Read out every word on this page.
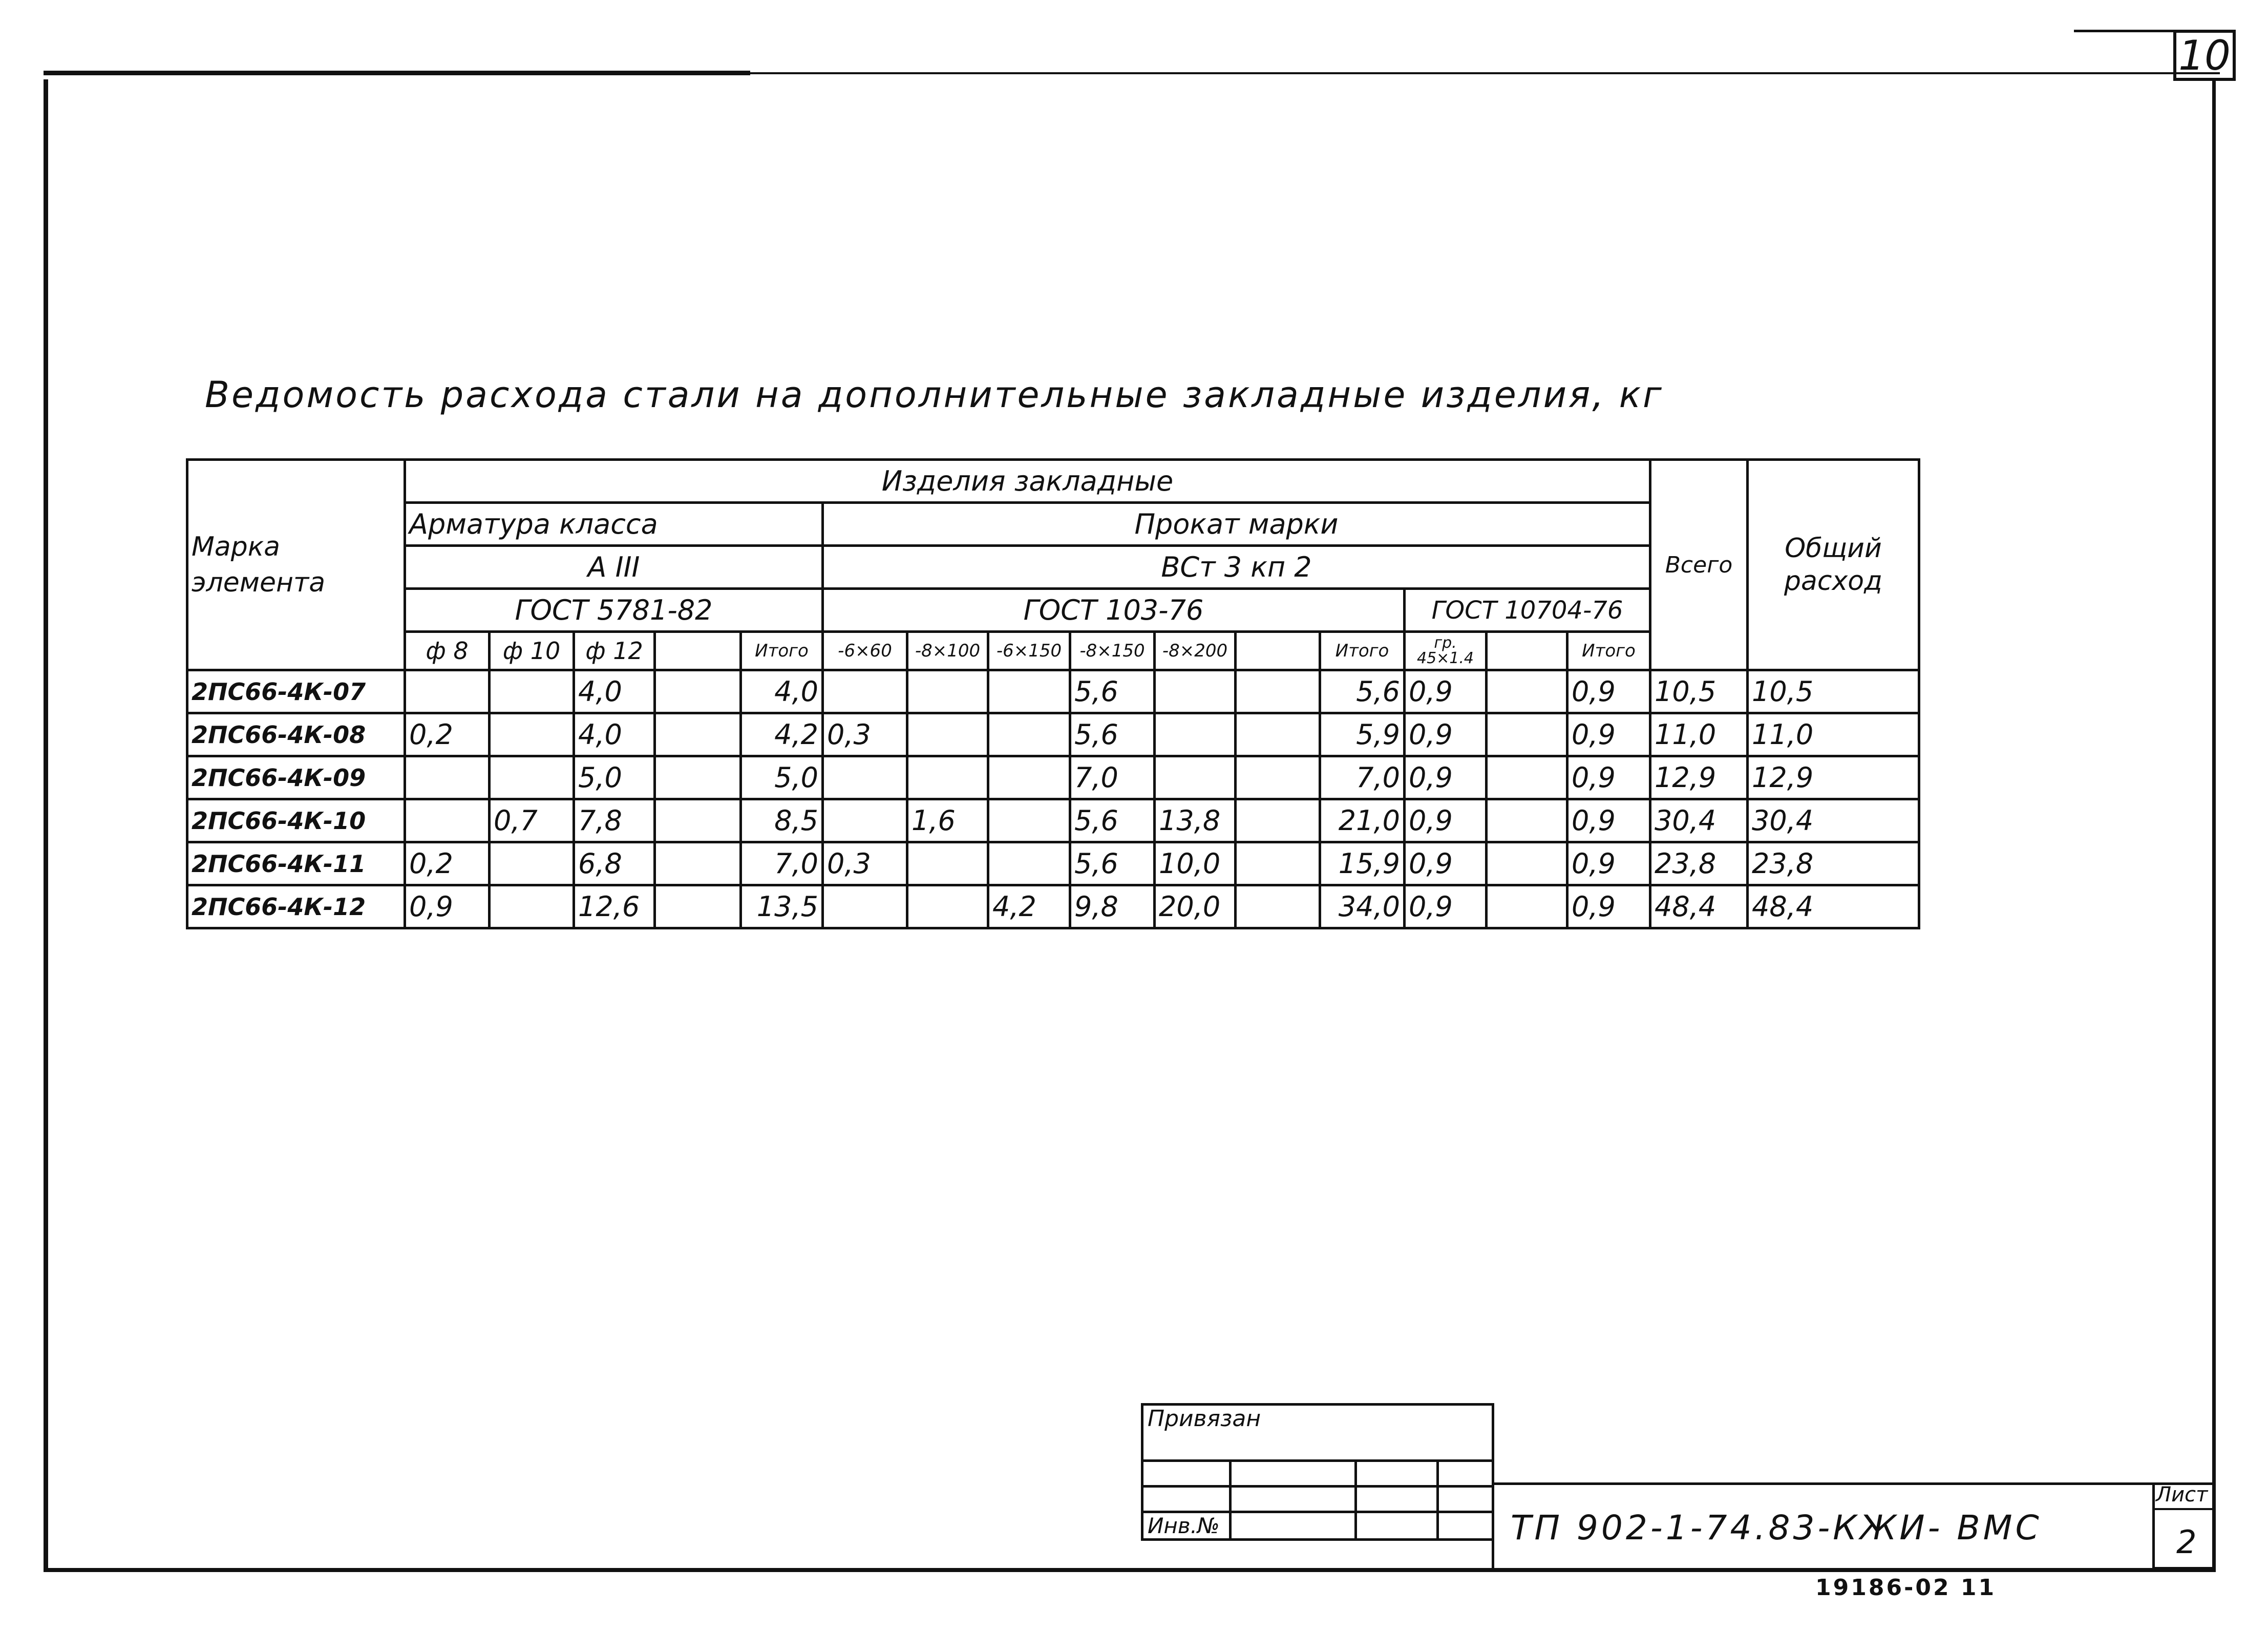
10
Ведомость расхода стали на дополнительные закладные изделия, кг
Марка элемента	Изделия закладные															Всего	Общий расход
	Арматура класса					Прокат марки											
	А III					ВСт 3 кп 2											
	ГОСТ 5781-82					ГОСТ 103-76							ГОСТ 10704-76				
	ф 8	ф 10	ф 12		Итого	-6×60	-8×100	-6×150	-8×150	-8×200		Итого	гр.
45×1.4		Итого		
2ПС66-4К-07			4,0		4,0				5,6			5,6	0,9		0,9	10,5	10,5
2ПС66-4К-08	0,2		4,0		4,2	0,3			5,6			5,9	0,9		0,9	11,0	11,0
2ПС66-4К-09			5,0		5,0				7,0			7,0	0,9		0,9	12,9	12,9
2ПС66-4К-10		0,7	7,8		8,5		1,6		5,6	13,8		21,0	0,9		0,9	30,4	30,4
2ПС66-4К-11	0,2		6,8		7,0	0,3			5,6	10,0		15,9	0,9		0,9	23,8	23,8
2ПС66-4К-12	0,9		12,6		13,5			4,2	9,8	20,0		34,0	0,9		0,9	48,4	48,4
Привязан			

Инв.№				ТП 902-1-74.83-КЖИ- ВМС
Лист
2
19186-02 11
